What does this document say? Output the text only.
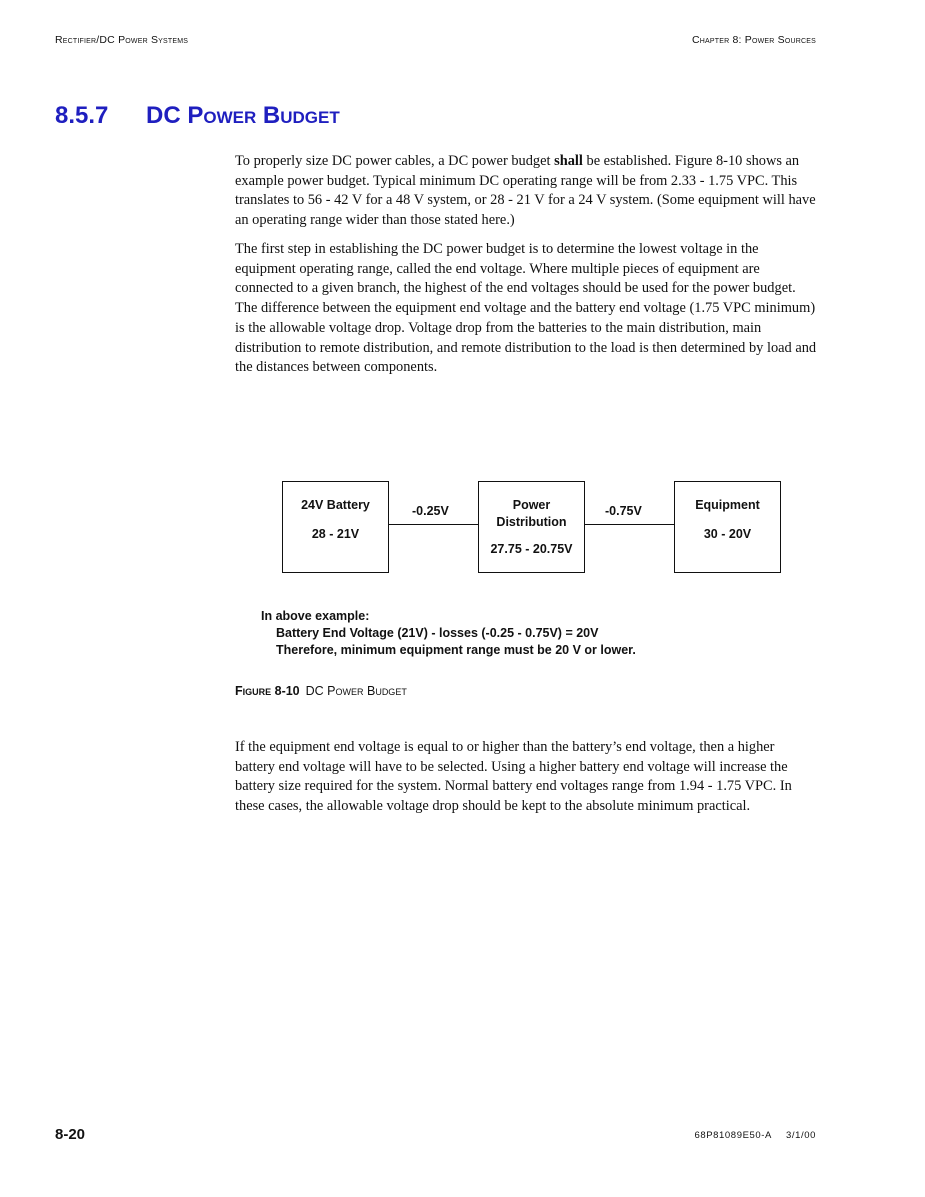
Rectifier/DC Power Systems	Chapter 8: Power Sources
8.5.7 DC Power Budget

To properly size DC power cables, a DC power budget shall be established. Figure 8-10 shows an example power budget. Typical minimum DC operating range will be from 2.33 - 1.75 VPC. This translates to 56 - 42 V for a 48 V system, or 28 - 21 V for a 24 V system. (Some equipment will have an operating range wider than those stated here.)

The first step in establishing the DC power budget is to determine the lowest voltage in the equipment operating range, called the end voltage. Where multiple pieces of equipment are connected to a given branch, the highest of the end voltages should be used for the power budget. The difference between the equipment end voltage and the battery end voltage (1.75 VPC minimum) is the allowable voltage drop. Voltage drop from the batteries to the main distribution, main distribution to remote distribution, and remote distribution to the load is then determined by load and the distances between components.

24V Battery
28 - 21V
-0.25V	Power
Distribution
27.75 - 20.75V
-0.75V	Equipment
30 - 20V
In above example:
Battery End Voltage (21V) - losses (-0.25 - 0.75V) = 20V
Therefore, minimum equipment range must be 20 V or lower.
Figure 8-10 DC Power Budget

If the equipment end voltage is equal to or higher than the battery’s end voltage, then a higher battery end voltage will have to be selected. Using a higher battery end voltage will increase the battery size required for the system. Normal battery end voltages range from 1.94 - 1.75 VPC. In these cases, the allowable voltage drop should be kept to the absolute minimum practical.

8-20	68P81089E50-A 3/1/00
